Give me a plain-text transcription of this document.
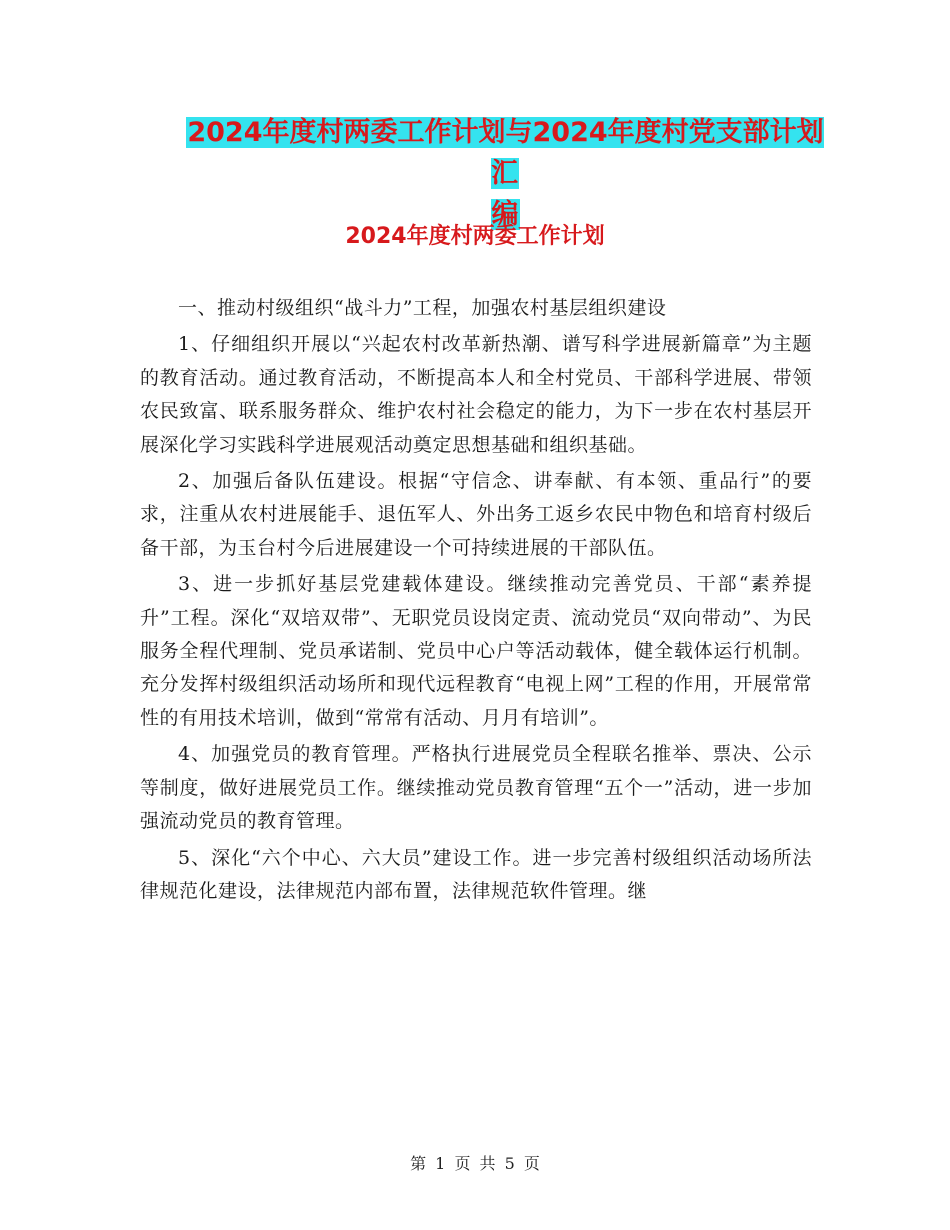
2024年度村两委工作计划与2024年度村党支部计划汇
编
2024年度村两委工作计划

一、推动村级组织“战斗力”工程，加强农村基层组织建设

1、仔细组织开展以“兴起农村改革新热潮、谱写科学进展新篇章”为主题的教育活动。通过教育活动，不断提高本人和全村党员、干部科学进展、带领农民致富、联系服务群众、维护农村社会稳定的能力，为下一步在农村基层开展深化学习实践科学进展观活动奠定思想基础和组织基础。

2、加强后备队伍建设。根据“守信念、讲奉献、有本领、重品行”的要求，注重从农村进展能手、退伍军人、外出务工返乡农民中物色和培育村级后备干部，为玉台村今后进展建设一个可持续进展的干部队伍。

3、进一步抓好基层党建载体建设。继续推动完善党员、干部“素养提升”工程。深化“双培双带”、无职党员设岗定责、流动党员“双向带动”、为民服务全程代理制、党员承诺制、党员中心户等活动载体，健全载体运行机制。充分发挥村级组织活动场所和现代远程教育“电视上网”工程的作用，开展常常性的有用技术培训，做到“常常有活动、月月有培训”。

4、加强党员的教育管理。严格执行进展党员全程联名推举、票决、公示等制度，做好进展党员工作。继续推动党员教育管理“五个一”活动，进一步加强流动党员的教育管理。

5、深化“六个中心、六大员”建设工作。进一步完善村级组织活动场所法律规范化建设，法律规范内部布置，法律规范软件管理。继

第 1 页 共 5 页
